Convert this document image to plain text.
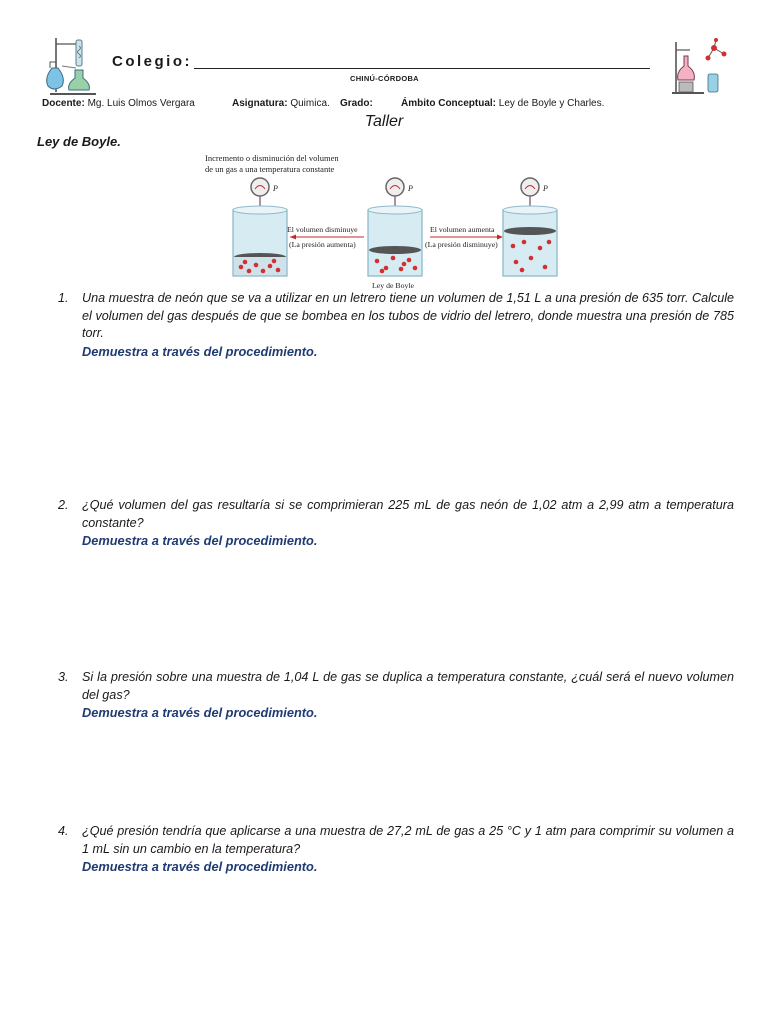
Colegio:
CHINÚ-CÓRDOBA
Docente: Mg. Luis Olmos Vergara	Asignatura: Quimica. Grado:	Ámbito Conceptual: Ley de Boyle y Charles.
Taller
Ley de Boyle.
Incremento o disminución del volumen
de un gas a una temperatura constante
P
El volumen disminuye
(La presión aumenta)
P
Ley de Boyle
El volumen aumenta
(La presión disminuye)
P
1. Una muestra de neón que se va a utilizar en un letrero tiene un volumen de 1,51 L a una presión de 635 torr. Calcule el volumen del gas después de que se bombea en los tubos de vidrio del letrero, donde muestra una presión de 785 torr.
Demuestra a través del procedimiento.
2. ¿Qué volumen del gas resultaría si se comprimieran 225 mL de gas neón de 1,02 atm a 2,99 atm a temperatura constante?
Demuestra a través del procedimiento.
3. Si la presión sobre una muestra de 1,04 L de gas se duplica a temperatura constante, ¿cuál será el nuevo volumen del gas?
Demuestra a través del procedimiento.
4. ¿Qué presión tendría que aplicarse a una muestra de 27,2 mL de gas a 25 °C y 1 atm para comprimir su volumen a 1 mL sin un cambio en la temperatura?
Demuestra a través del procedimiento.
